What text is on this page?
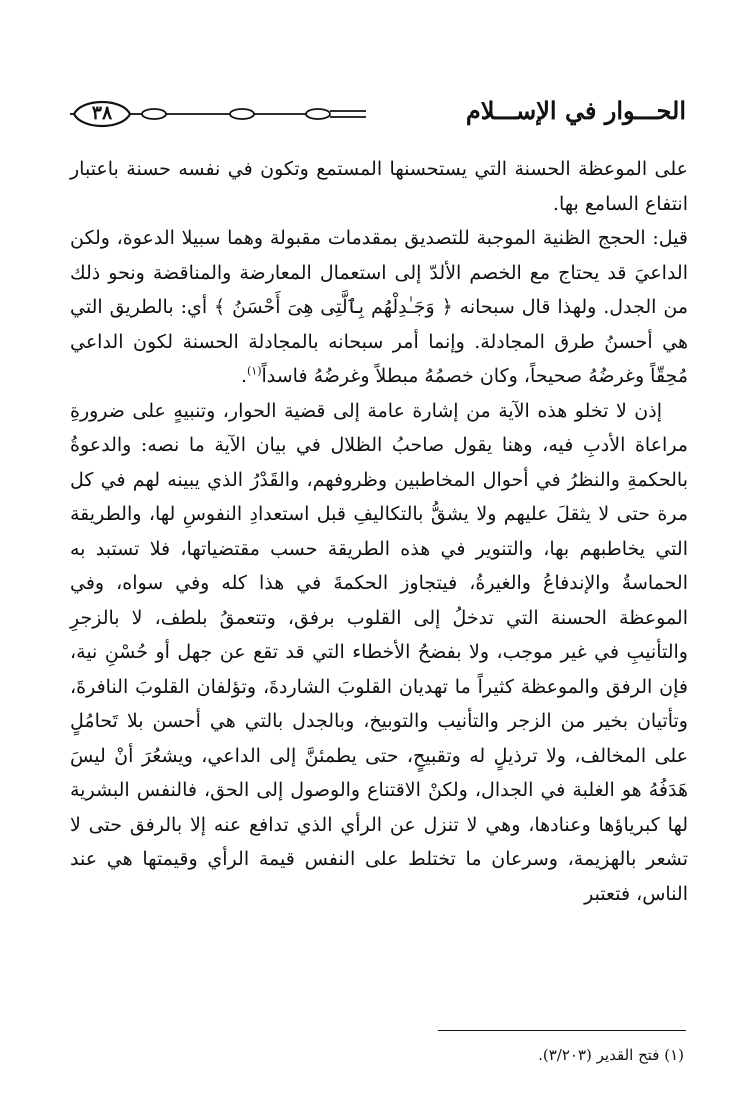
٣٨	الحـــوار في الإســـلام

على الموعظة الحسنة التي يستحسنها المستمع وتكون في نفسه حسنة باعتبار انتفاع السامع بها.

قيل: الحجج الظنية الموجبة للتصديق بمقدمات مقبولة وهما سبيلا الدعوة، ولكن الداعيَ قد يحتاج مع الخصم الألدّ إلى استعمال المعارضة والمناقضة ونحو ذلك من الجدل. ولهذا قال سبحانه ﴿ وَجَـٰدِلْهُم بِٱلَّتِى هِىَ أَحْسَنُ ﴾ أي: بالطريق التي هي أحسنُ طرق المجادلة. وإنما أمر سبحانه بالمجادلة الحسنة لكون الداعي مُحِقّاً وغرضُهُ صحيحاً، وكان خصمُهُ مبطلاً وغرضُهُ فاسداً$^{(١)}$.

إذن لا تخلو هذه الآية من إشارة عامة إلى قضية الحوار، وتنبيهٍ على ضرورةِ مراعاة الأدبِ فيه، وهنا يقول صاحبُ الظلال في بيان الآية ما نصه: والدعوةُ بالحكمةِ والنظرُ في أحوال المخاطبين وظروفهم، والقَدْرُ الذي يبينه لهم في كل مرة حتى لا يثقلَ عليهم ولا يشقُّ بالتكاليفِ قبل استعدادِ النفوسِ لها، والطريقة التي يخاطبهم بها، والتنوير في هذه الطريقة حسب مقتضياتها، فلا تستبد به الحماسةُ والإندفاعُ والغيرةُ، فيتجاوز الحكمةَ في هذا كله وفي سواه، وفي الموعظة الحسنة التي تدخلُ إلى القلوب برفق، وتتعمقُ بلطف، لا بالزجرِ والتأنيبِ في غير موجب، ولا بفضحُ الأخطاء التي قد تقع عن جهل أو حُسْنِ نية، فإن الرفق والموعظة كثيراً ما تهديان القلوبَ الشاردةَ، وتؤلفان القلوبَ النافرةَ، وتأتيان بخير من الزجر والتأنيب والتوبيخ، وبالجدل بالتي هي أحسن بلا تَحامُلٍ على المخالف، ولا ترذيلٍ له وتقبيحٍ، حتى يطمئنَّ إلى الداعي، ويشعُرَ أنْ ليسَ هَدَفُهُ هو الغلبة في الجدال، ولكنْ الاقتناع والوصول إلى الحق، فالنفس البشرية لها كبرياؤها وعنادها، وهي لا تنزل عن الرأي الذي تدافع عنه إلا بالرفق حتى لا تشعر بالهزيمة، وسرعان ما تختلط على النفس قيمة الرأي وقيمتها هي عند الناس، فتعتبر

(١) فتح القدير (٣/٢٠٣).
